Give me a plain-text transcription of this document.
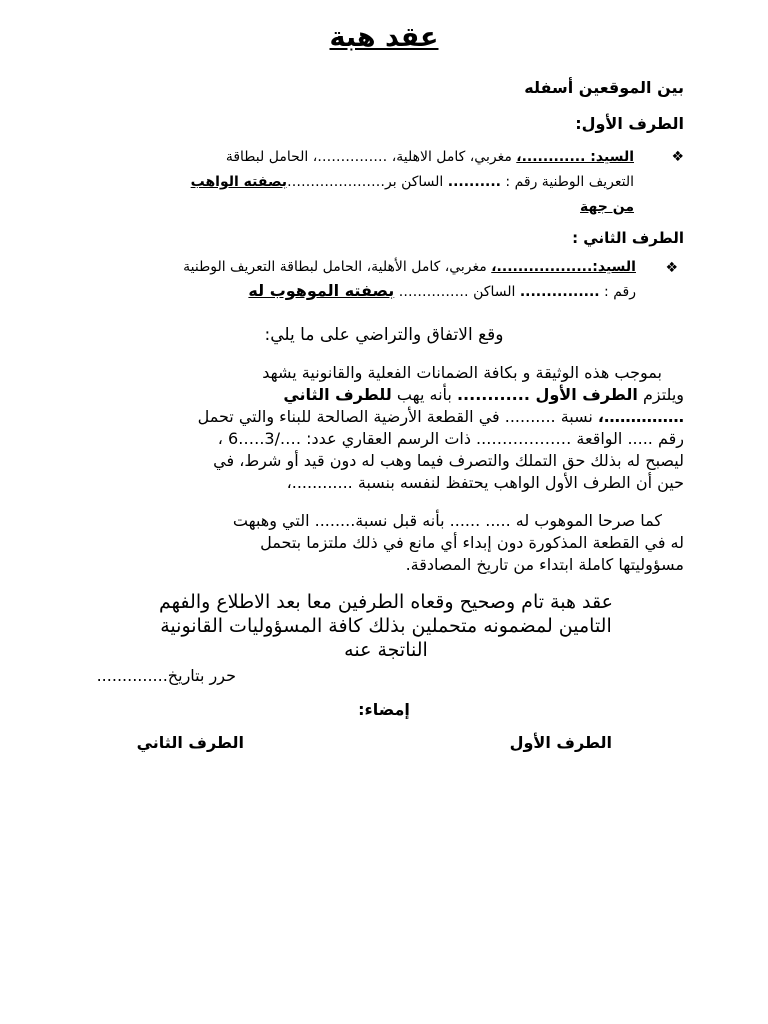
عقد هبة
بين الموقعين أسفله
الطرف الأول:
❖
السيد: ............، مغربي، كامل الاهلية، ……………، الحامل لبطاقة
التعريف الوطنية رقم : .......... الساكن بر…………………بصفته الواهب
من جهة
الطرف الثاني :
❖
السيد:..................، مغربي، كامل الأهلية، الحامل لبطاقة التعريف الوطنية
رقم : ............... الساكن …………… بصفته الموهوب له
وقع الاتفاق والتراضي على ما يلي:
بموجب هذه الوثيقة و بكافة الضمانات الفعلية والقانونية يشهد
ويلتزم الطرف الأول ............ بأنه يهب للطرف الثاني
……………، نسبة .......... في القطعة الأرضية الصالحة للبناء والتي تحمل
رقم ..... الواقعة ……………... ذات الرسم العقاري عدد: …./3.….6 ،
ليصبح له بذلك حق التملك والتصرف فيما وهب له دون قيد أو شرط، في
حين أن الطرف الأول الواهب يحتفظ لنفسه بنسبة ............،
كما صرحا الموهوب له ..... ...... بأنه قبل نسبة........ التي وهبهت
له في القطعة المذكورة دون إبداء أي مانع في ذلك ملتزما بتحمل
مسؤوليتها كاملة ابتداء من تاريخ المصادقة.
عقد هبة تام وصحيح وقعاه الطرفين معا بعد الاطلاع والفهم
التامين لمضمونه متحملين بذلك كافة المسؤوليات القانونية
الناتجة عنه
حرر بتاريخ..............
إمضاء:
الطرف الأول
الطرف الثاني
